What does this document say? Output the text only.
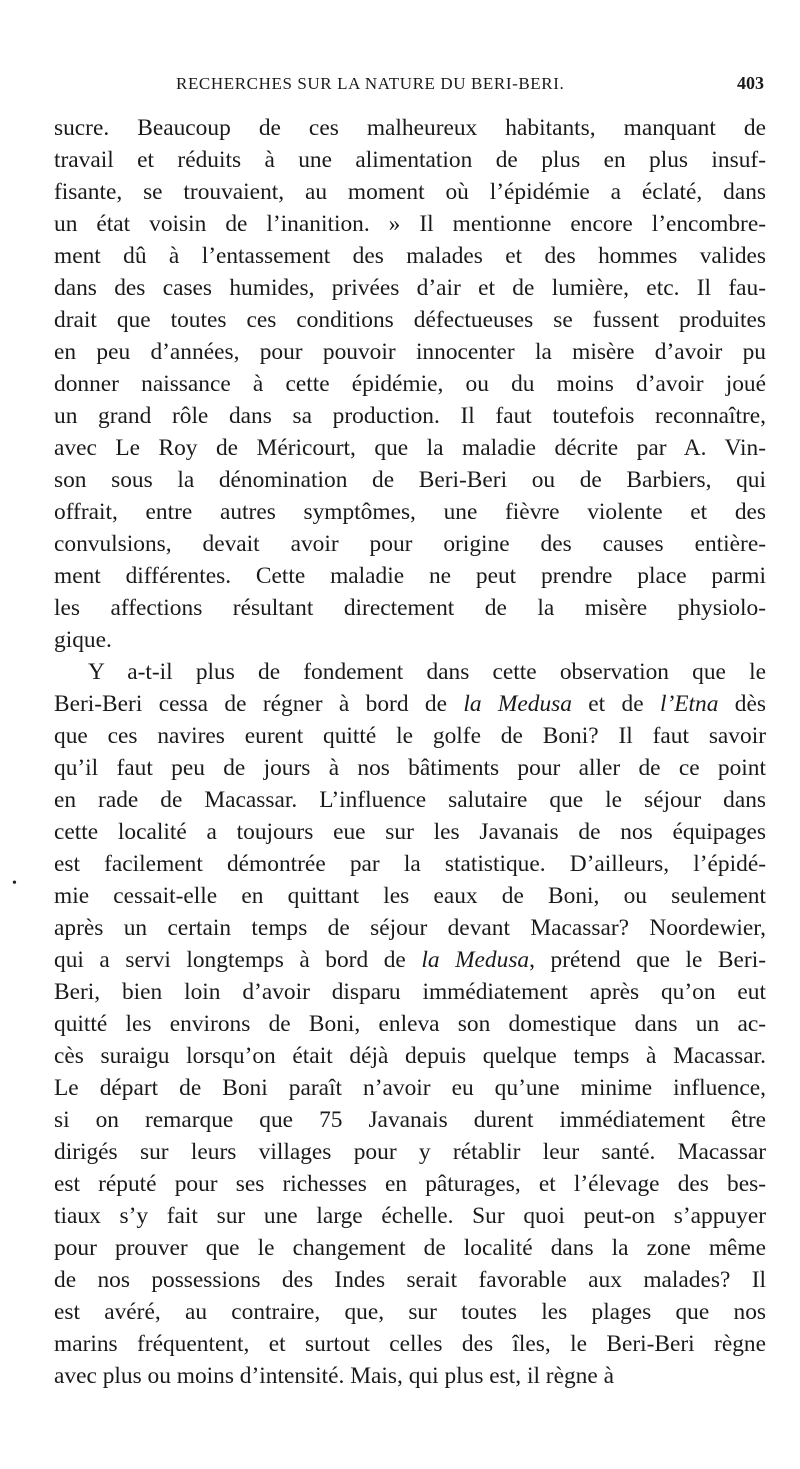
RECHERCHES SUR LA NATURE DU BERI-BERI.	403
•
sucre. Beaucoup de ces malheureux habitants, manquant de
travail et réduits à une alimentation de plus en plus insuf-
fisante, se trouvaient, au moment où l’épidémie a éclaté, dans
un état voisin de l’inanition. » Il mentionne encore l’encombre-
ment dû à l’entassement des malades et des hommes valides
dans des cases humides, privées d’air et de lumière, etc. Il fau-
drait que toutes ces conditions défectueuses se fussent produites
en peu d’années, pour pouvoir innocenter la misère d’avoir pu
donner naissance à cette épidémie, ou du moins d’avoir joué
un grand rôle dans sa production. Il faut toutefois reconnaître,
avec Le Roy de Méricourt, que la maladie décrite par A. Vin-
son sous la dénomination de Beri-Beri ou de Barbiers, qui
offrait, entre autres symptômes, une fièvre violente et des
convulsions, devait avoir pour origine des causes entière-
ment différentes. Cette maladie ne peut prendre place parmi
les affections résultant directement de la misère physiolo-
gique.
Y a-t-il plus de fondement dans cette observation que le
Beri-Beri cessa de régner à bord de la Medusa et de l’Etna dès
que ces navires eurent quitté le golfe de Boni? Il faut savoir
qu’il faut peu de jours à nos bâtiments pour aller de ce point
en rade de Macassar. L’influence salutaire que le séjour dans
cette localité a toujours eue sur les Javanais de nos équipages
est facilement démontrée par la statistique. D’ailleurs, l’épidé-
mie cessait-elle en quittant les eaux de Boni, ou seulement
après un certain temps de séjour devant Macassar? Noordewier,
qui a servi longtemps à bord de la Medusa, prétend que le Beri-
Beri, bien loin d’avoir disparu immédiatement après qu’on eut
quitté les environs de Boni, enleva son domestique dans un ac-
cès suraigu lorsqu’on était déjà depuis quelque temps à Macassar.
Le départ de Boni paraît n’avoir eu qu’une minime influence,
si on remarque que 75 Javanais durent immédiatement être
dirigés sur leurs villages pour y rétablir leur santé. Macassar
est réputé pour ses richesses en pâturages, et l’élevage des bes-
tiaux s’y fait sur une large échelle. Sur quoi peut-on s’appuyer
pour prouver que le changement de localité dans la zone même
de nos possessions des Indes serait favorable aux malades? Il
est avéré, au contraire, que, sur toutes les plages que nos
marins fréquentent, et surtout celles des îles, le Beri-Beri règne
avec plus ou moins d’intensité. Mais, qui plus est, il règne à
